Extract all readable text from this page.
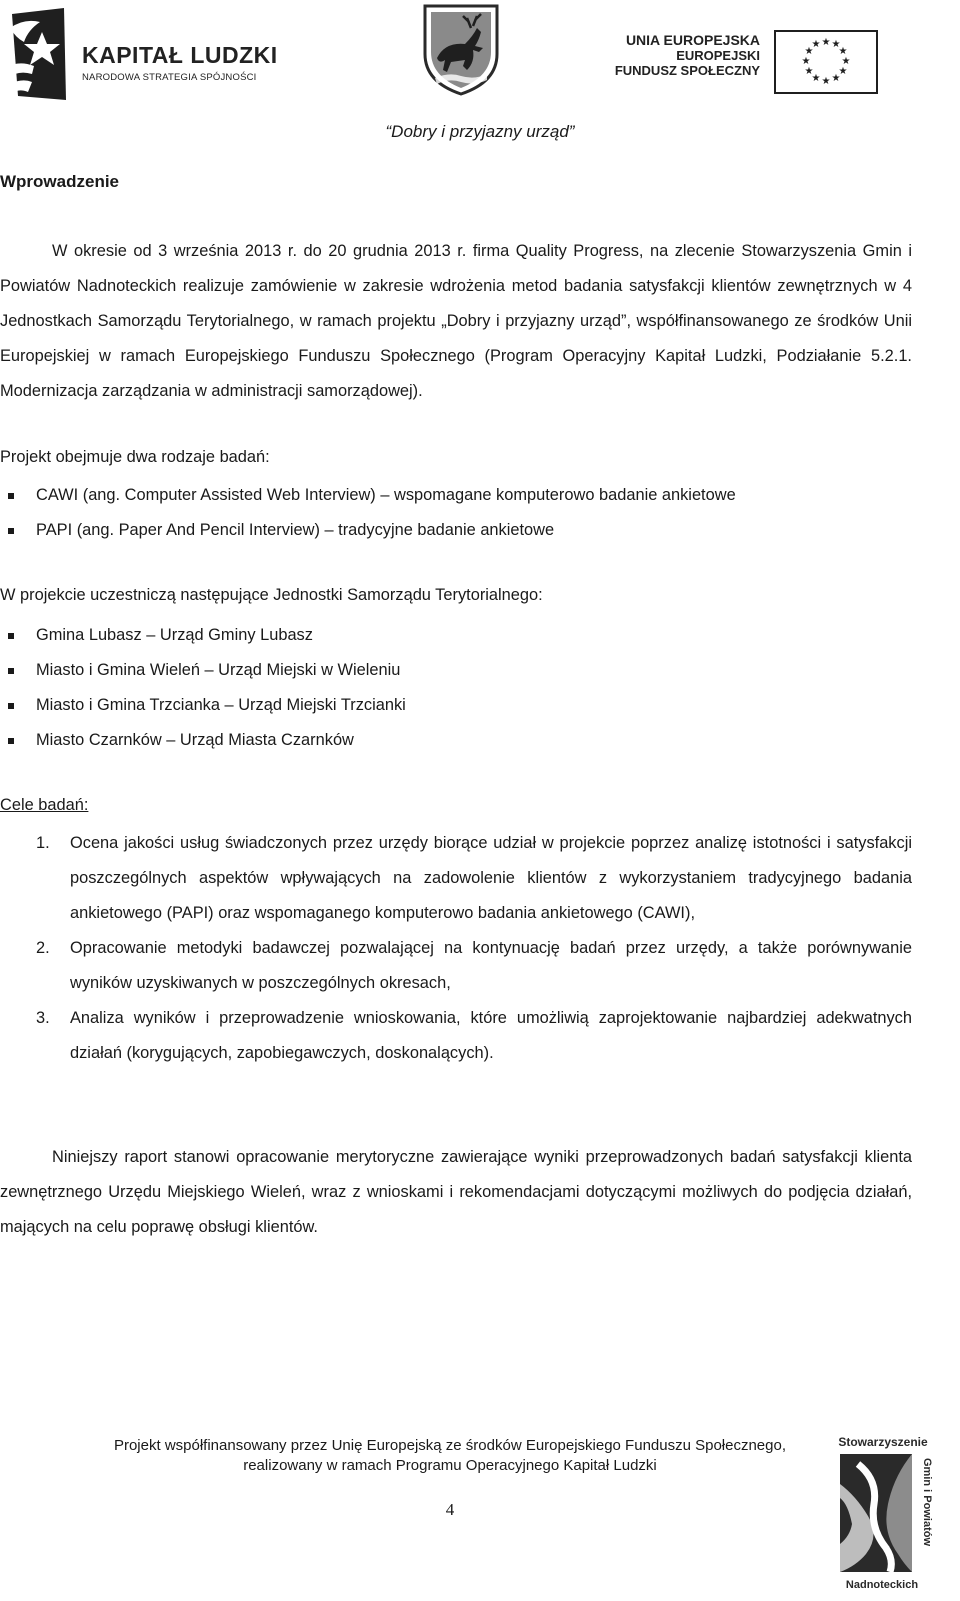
KAPITAŁ LUDZKI
NARODOWA STRATEGIA SPÓJNOŚCI
UNIA EUROPEJSKA
EUROPEJSKI
FUNDUSZ SPOŁECZNY
★ ★
★
★
★
★
★
★
★
★
★
★
“Dobry i przyjazny urząd”
Wprowadzenie

W okresie od 3 września 2013 r. do 20 grudnia 2013 r. firma Quality Progress, na zlecenie Stowarzyszenia Gmin i Powiatów Nadnoteckich realizuje zamówienie w zakresie wdrożenia metod badania satysfakcji klientów zewnętrznych w 4 Jednostkach Samorządu Terytorialnego, w ramach projektu „Dobry i przyjazny urząd”, współfinansowanego ze środków Unii Europejskiej w ramach Europejskiego Funduszu Społecznego (Program Operacyjny Kapitał Ludzki, Podziałanie 5.2.1. Modernizacja zarządzania w administracji samorządowej).

Projekt obejmuje dwa rodzaje badań:
CAWI (ang. Computer Assisted Web Interview) – wspomagane komputerowo badanie ankietowe
PAPI (ang. Paper And Pencil Interview) – tradycyjne badanie ankietowe
W projekcie uczestniczą następujące Jednostki Samorządu Terytorialnego:
Gmina Lubasz – Urząd Gminy Lubasz
Miasto i Gmina Wieleń – Urząd Miejski w Wieleniu
Miasto i Gmina Trzcianka – Urząd Miejski Trzcianki
Miasto Czarnków – Urząd Miasta Czarnków
Cele badań:
1. Ocena jakości usług świadczonych przez urzędy biorące udział w projekcie poprzez analizę istotności i satysfakcji poszczególnych aspektów wpływających na zadowolenie klientów z wykorzystaniem tradycyjnego badania ankietowego (PAPI) oraz wspomaganego komputerowo badania ankietowego (CAWI),
2. Opracowanie metodyki badawczej pozwalającej na kontynuację badań przez urzędy, a także porównywanie wyników uzyskiwanych w poszczególnych okresach,
3. Analiza wyników i przeprowadzenie wnioskowania, które umożliwią zaprojektowanie najbardziej adekwatnych działań (korygujących, zapobiegawczych, doskonalących).

Niniejszy raport stanowi opracowanie merytoryczne zawierające wyniki przeprowadzonych badań satysfakcji klienta zewnętrznego Urzędu Miejskiego Wieleń, wraz z wnioskami i rekomendacjami dotyczącymi możliwych do podjęcia działań, mających na celu poprawę obsługi klientów.

Projekt współfinansowany przez Unię Europejską ze środków Europejskiego Funduszu Społecznego,
realizowany w ramach Programu Operacyjnego Kapitał Ludzki
4
Stowarzyszenie
Gmin i Powiatów
Nadnoteckich
